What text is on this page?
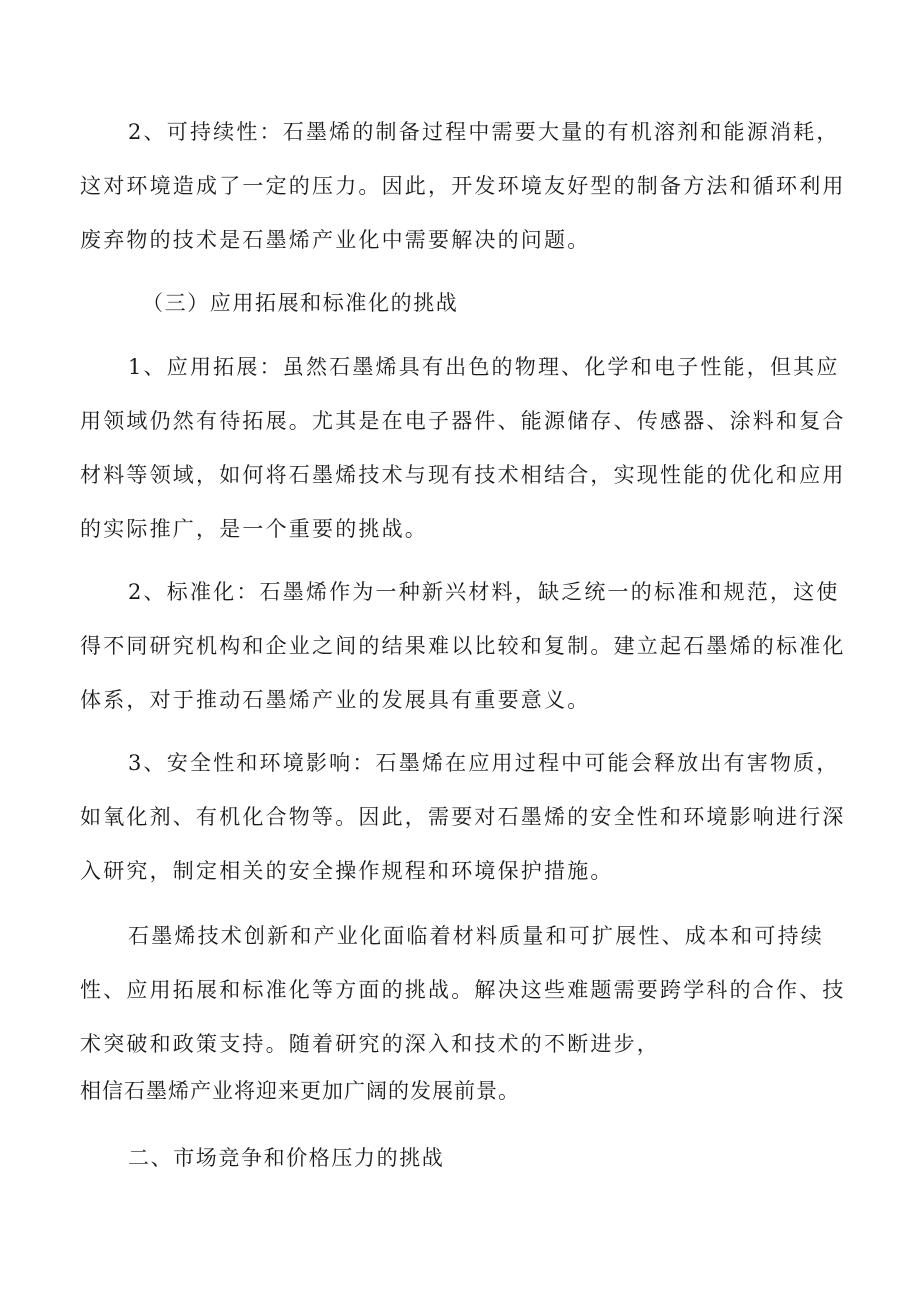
2、可持续性：石墨烯的制备过程中需要大量的有机溶剂和能源消耗，
这对环境造成了一定的压力。因此，开发环境友好型的制备方法和循环利用
废弃物的技术是石墨烯产业化中需要解决的问题。
（三）应用拓展和标准化的挑战
1、应用拓展：虽然石墨烯具有出色的物理、化学和电子性能，但其应
用领域仍然有待拓展。尤其是在电子器件、能源储存、传感器、涂料和复合
材料等领域，如何将石墨烯技术与现有技术相结合，实现性能的优化和应用
的实际推广，是一个重要的挑战。
2、标准化：石墨烯作为一种新兴材料，缺乏统一的标准和规范，这使
得不同研究机构和企业之间的结果难以比较和复制。建立起石墨烯的标准化
体系，对于推动石墨烯产业的发展具有重要意义。
3、安全性和环境影响：石墨烯在应用过程中可能会释放出有害物质，
如氧化剂、有机化合物等。因此，需要对石墨烯的安全性和环境影响进行深
入研究，制定相关的安全操作规程和环境保护措施。
石墨烯技术创新和产业化面临着材料质量和可扩展性、成本和可持续
性、应用拓展和标准化等方面的挑战。解决这些难题需要跨学科的合作、技
术突破和政策支持。随着研究的深入和技术的不断进步，
相信石墨烯产业将迎来更加广阔的发展前景。
二、市场竞争和价格压力的挑战
